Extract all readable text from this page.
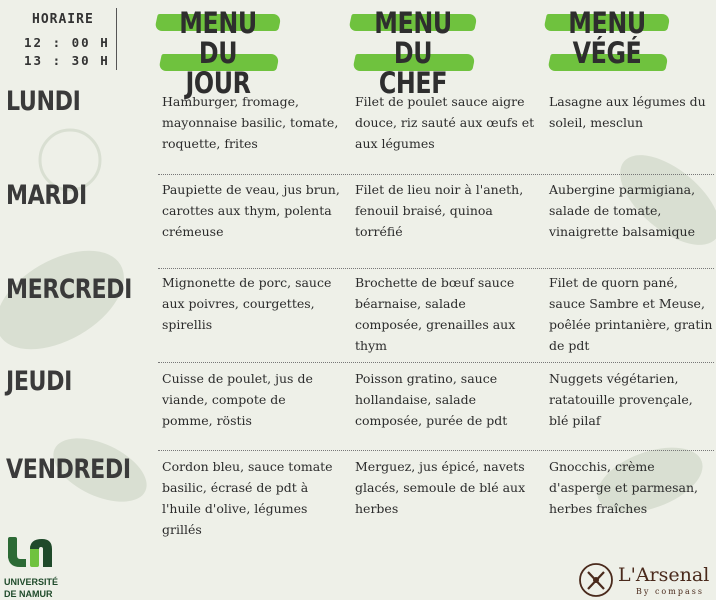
HORAIRE
12 : 00 H
13 : 30 H
MENU
DU JOUR
MENU
DU CHEF
MENU
VÉGÉ
LUNDI
MARDI
MERCREDI
JEUDI
VENDREDI
Hamburger, fromage, mayonnaise basilic, tomate, roquette, frites
Filet de poulet sauce aigre douce, riz sauté aux œufs et aux légumes
Lasagne aux légumes du soleil, mesclun
Paupiette de veau, jus brun, carottes aux thym, polenta crémeuse
Filet de lieu noir à l'aneth, fenouil braisé, quinoa torréfié
Aubergine parmigiana, salade de tomate, vinaigrette balsamique
Mignonette de porc, sauce aux poivres, courgettes, spirellis
Brochette de bœuf sauce béarnaise, salade composée, grenailles aux thym
Filet de quorn pané, sauce Sambre et Meuse, poêlée printanière, gratin de pdt
Cuisse de poulet, jus de viande, compote de pomme, röstis
Poisson gratino, sauce hollandaise, salade composée, purée de pdt
Nuggets végétarien, ratatouille provençale, blé pilaf
Cordon bleu, sauce tomate basilic, écrasé de pdt à l'huile d'olive, légumes grillés
Merguez, jus épicé, navets glacés, semoule de blé aux herbes
Gnocchis, crème d'asperge et parmesan, herbes fraîches
UNIVERSITÉ
DE NAMUR
L'Arsenal
By compass
